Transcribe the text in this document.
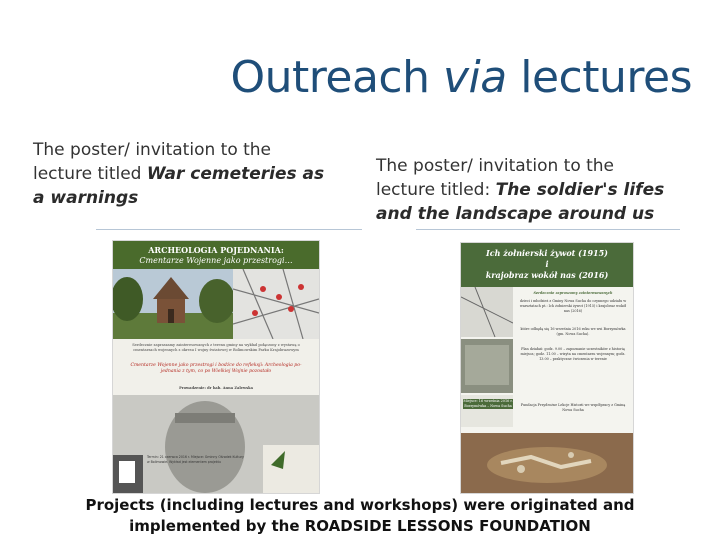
Outreach via lectures
The poster/ invitation to the lecture titled War cemeteries as a warnings
The poster/ invitation to the lecture titled: The soldier's lifes and the landscape around us
ARCHEOLOGIA POJEDNANIA:
Cmentarze Wojenne jako przestrogi…
Serdecznie zapraszamy zainteresowanych z terenu gminy na wykład połączony z wystawą o cmentarzach wojennych z okresu I wojny światowej w Bolimowskim Parku Krajobrazowym
Cmentarze Wojenne jako przestrogi i bodźce do refleksji: Archeologia po-jednania z tym, co po Wielkiej Wojnie pozostało
Prowadzenie: dr hab. Anna Zalewska
Termin: 21 czerwca 2016 r. Miejsce: Gminny Ośrodek Kultury w Bolimowie. Wykład jest elementem projektu
Ich żołnierski żywot (1915)
i
krajobraz wokół nas (2016)
Serdecznie zapraszamy zainteresowanych
dzieci i młodzież z Gminy Nowa Sucha do czynnego udziału w warsztatach pt.: Ich żołnierski żywot (1915) i krajobraz wokół nas (2016)
które odbędą się 16 września 2016 roku we wsi Borzymówka (gm. Nowa Sucha).
Plan działań: godz. 9.00 – zapoznanie uczestników z historią miejsca; godz. 11.00 – wizyta na cmentarzu wojennym; godz. 13.00 – praktyczne ćwiczenia w terenie
Miejsce: 16 września 2016 r. Borzymówka – Nowa Sucha	Fundacja Przydrożne Lekcje Historii we współpracy z Gminą Nowa Sucha
Projects (including lectures and workshops) were originated and
implemented by the ROADSIDE LESSONS FOUNDATION
